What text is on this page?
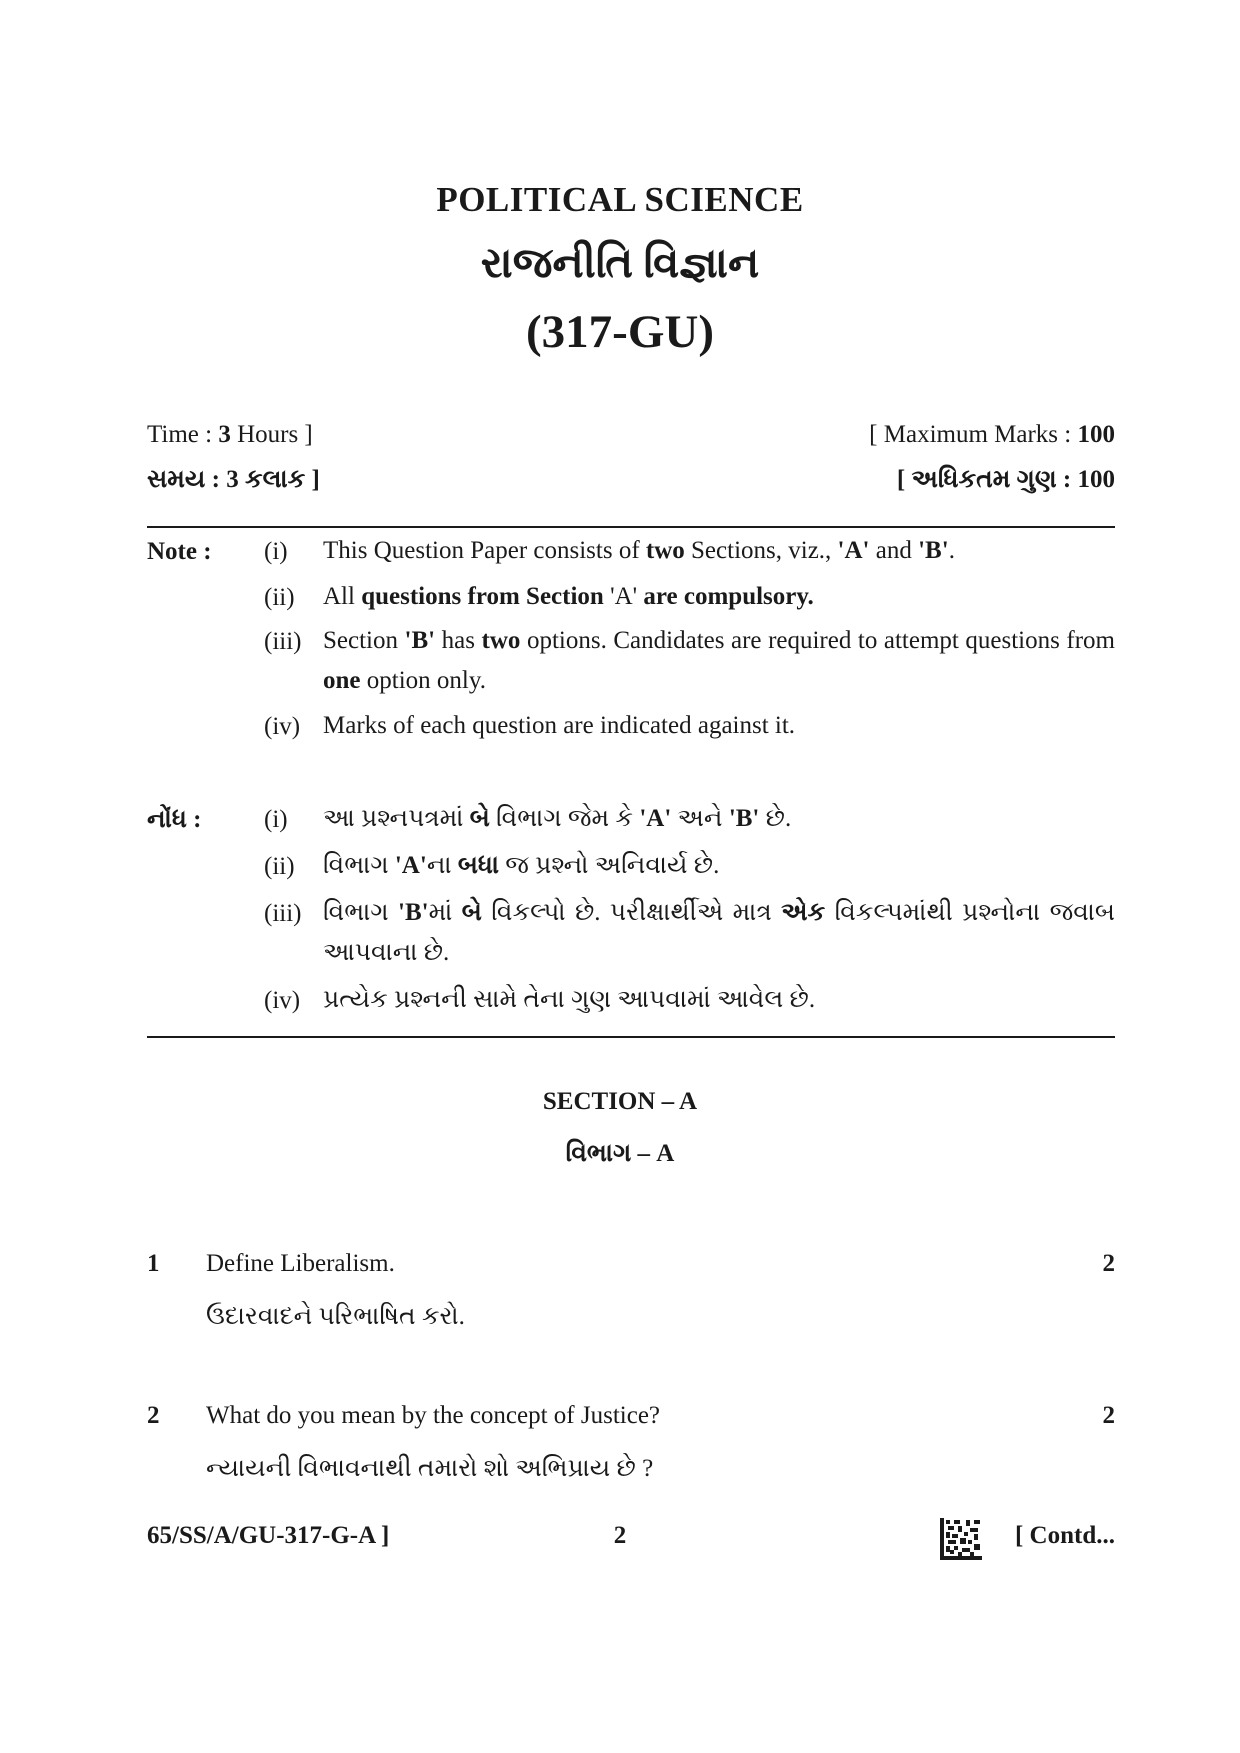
POLITICAL SCIENCE
રાજનીતિ વિજ્ઞાન
(317-GU)
Time : 3 Hours ]
સમય : 3 કલાક ]
[ Maximum Marks : 100
[ અધિકતમ ગુણ : 100
Note : (i) This Question Paper consists of two Sections, viz., 'A' and 'B'.
(ii) All questions from Section 'A' are compulsory.
(iii) Section 'B' has two options. Candidates are required to attempt questions from one option only.
(iv) Marks of each question are indicated against it.
નોંધ :	(i) આ પ્રશ્નપત્રમાં બે વિભાગ જેમ કે 'A' અને 'B' છે.
(ii) વિભાગ 'A'ના બધા જ પ્રશ્નો અનિવાર્ય છે.
(iii) વિભાગ 'B'માં બે વિકલ્પો છે. પરીક્ષાર્થીએ માત્ર એક વિકલ્પમાંથી પ્રશ્નોના જવાબ આપવાના છે.
(iv) પ્રત્યેક પ્રશ્નની સામે તેના ગુણ આપવામાં આવેલ છે.
SECTION – A
વિભાગ – A
1 Define Liberalism.	2
ઉદારવાદને પરિભાષિત કરો.
2 What do you mean by the concept of Justice?	2
ન્યાયની વિભાવનાથી તમારો શો અભિપ્રાય છે ?
65/SS/A/GU-317-G-A ]	2	[ Contd...
